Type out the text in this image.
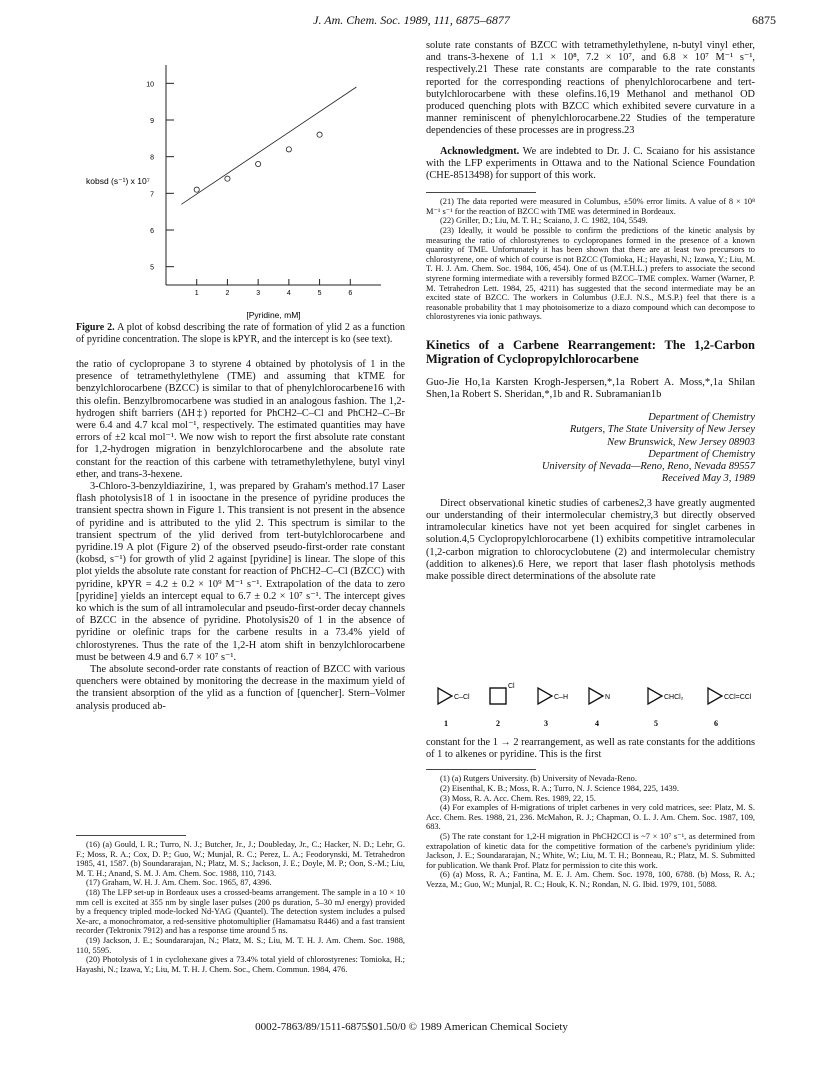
J. Am. Chem. Soc. 1989, 111, 6875–6877	6875
5
6
7
8
9
10
1	2	3	4	5	6
kobsd (s⁻¹) x 10⁷
[Pyridine, mM]
Figure 2. A plot of kobsd describing the rate of formation of ylid 2 as a function of pyridine concentration. The slope is kPYR, and the intercept is ko (see text).

the ratio of cyclopropane 3 to styrene 4 obtained by photolysis of 1 in the presence of tetramethylethylene (TME) and assuming that kTME for benzylchlorocarbene (BZCC) is similar to that of phenylchlorocarbene16 with this olefin. Benzylbromocarbene was studied in an analogous fashion. The 1,2-hydrogen shift barriers (ΔH‡) reported for PhCH2–C–Cl and PhCH2–C–Br were 6.4 and 4.7 kcal mol⁻¹, respectively. The estimated quantities may have errors of ±2 kcal mol⁻¹. We now wish to report the first absolute rate constant for 1,2-hydrogen migration in benzylchlorocarbene and the absolute rate constant for the reaction of this carbene with tetramethylethylene, butyl vinyl ether, and trans-3-hexene.

3-Chloro-3-benzyldiazirine, 1, was prepared by Graham's method.17 Laser flash photolysis18 of 1 in isooctane in the presence of pyridine produces the transient spectra shown in Figure 1. This transient is not present in the absence of pyridine and is attributed to the ylid 2. This spectrum is similar to the transient spectrum of the ylid derived from tert-butylchlorocarbene and pyridine.19 A plot (Figure 2) of the observed pseudo-first-order rate constant (kobsd, s⁻¹) for growth of ylid 2 against [pyridine] is linear. The slope of this plot yields the absolute rate constant for reaction of PhCH2–C–Cl (BZCC) with pyridine, kPYR = 4.2 ± 0.2 × 10⁹ M⁻¹ s⁻¹. Extrapolation of the data to zero [pyridine] yields an intercept equal to 6.7 ± 0.2 × 10⁷ s⁻¹. The intercept gives ko which is the sum of all intramolecular and pseudo-first-order decay channels of BZCC in the absence of pyridine. Photolysis20 of 1 in the absence of pyridine or olefinic traps for the carbene results in a 73.4% yield of chlorostyrenes. Thus the rate of the 1,2-H atom shift in benzylchlorocarbene must be between 4.9 and 6.7 × 10⁷ s⁻¹.

The absolute second-order rate constants of reaction of BZCC with various quenchers were obtained by monitoring the decrease in the maximum yield of the transient absorption of the ylid as a function of [quencher]. Stern–Volmer analysis produced ab-

(16) (a) Gould, I. R.; Turro, N. J.; Butcher, Jr., J.; Doubleday, Jr., C.; Hacker, N. D.; Lehr, G. F.; Moss, R. A.; Cox, D. P.; Guo, W.; Munjal, R. C.; Perez, L. A.; Feodorynski, M. Tetrahedron 1985, 41, 1587. (b) Soundararajan, N.; Platz, M. S.; Jackson, J. E.; Doyle, M. P.; Oon, S.-M.; Liu, M. T. H.; Anand, S. M. J. Am. Chem. Soc. 1988, 110, 7143.

(17) Graham, W. H. J. Am. Chem. Soc. 1965, 87, 4396.

(18) The LFP set-up in Bordeaux uses a crossed-beams arrangement. The sample in a 10 × 10 mm cell is excited at 355 nm by single laser pulses (200 ps duration, 5–30 mJ energy) provided by a frequency tripled mode-locked Nd-YAG (Quantel). The detection system includes a pulsed Xe-arc, a monochromator, a red-sensitive photomultiplier (Hamamatsu R446) and a fast transient recorder (Tektronix 7912) and has a response time around 5 ns.

(19) Jackson, J. E.; Soundararajan, N.; Platz, M. S.; Liu, M. T. H. J. Am. Chem. Soc. 1988, 110, 5595.

(20) Photolysis of 1 in cyclohexane gives a 73.4% total yield of chlorostyrenes: Tomioka, H.; Hayashi, N.; Izawa, Y.; Liu, M. T. H. J. Chem. Soc., Chem. Commun. 1984, 476.

solute rate constants of BZCC with tetramethylethylene, n-butyl vinyl ether, and trans-3-hexene of 1.1 × 10⁸, 7.2 × 10⁷, and 6.8 × 10⁷ M⁻¹ s⁻¹, respectively.21 These rate constants are comparable to the rate constants reported for the corresponding reactions of phenylchlorocarbene and tert-butylchlorocarbene with these olefins.16,19 Methanol and methanol OD produced quenching plots with BZCC which exhibited severe curvature in a manner reminiscent of phenylchlorocarbene.22 Studies of the temperature dependencies of these processes are in progress.23

Acknowledgment. We are indebted to Dr. J. C. Scaiano for his assistance with the LFP experiments in Ottawa and to the National Science Foundation (CHE-8513498) for support of this work.

(21) The data reported were measured in Columbus, ±50% error limits. A value of 8 × 10⁸ M⁻¹ s⁻¹ for the reaction of BZCC with TME was determined in Bordeaux.

(22) Griller, D.; Liu, M. T. H.; Scaiano, J. C. 1982, 104, 5549.

(23) Ideally, it would be possible to confirm the predictions of the kinetic analysis by measuring the ratio of chlorostyrenes to cyclopropanes formed in the presence of a known quantity of TME. Unfortunately it has been shown that there are at least two precursors to chlorostyrene, one of which of course is not BZCC (Tomioka, H.; Hayashi, N.; Izawa, Y.; Liu, M. T. H. J. Am. Chem. Soc. 1984, 106, 454). One of us (M.T.H.L.) prefers to associate the second styrene forming intermediate with a reversibly formed BZCC–TME complex. Warner (Warner, P. M. Tetrahedron Lett. 1984, 25, 4211) has suggested that the second intermediate may be an excited state of BZCC. The workers in Columbus (J.E.J. N.S., M.S.P.) feel that there is a reasonable probability that 1 may photoisomerize to a diazo compound which can decompose to chlorostyrenes via ionic pathways.

Kinetics of a Carbene Rearrangement: The 1,2-Carbon Migration of Cyclopropylchlorocarbene

Guo-Jie Ho,1a Karsten Krogh-Jespersen,*,1a Robert A. Moss,*,1a Shilan Shen,1a Robert S. Sheridan,*,1b and R. Subramanian1b

Department of Chemistry
Rutgers, The State University of New Jersey
New Brunswick, New Jersey 08903
Department of Chemistry
University of Nevada—Reno, Reno, Nevada 89557
Received May 3, 1989

Direct observational kinetic studies of carbenes2,3 have greatly augmented our understanding of their intermolecular chemistry,3 but directly observed intramolecular kinetics have not yet been acquired for singlet carbenes in solution.4,5 Cyclopropylchlorocarbene (1) exhibits competitive intramolecular (1,2-carbon migration to chlorocyclobutene (2) and intermolecular chemistry (addition to alkenes).6 Here, we report that laser flash photolysis methods make possible direct determinations of the absolute rate

C–Cl
1
Cl
2
C–H
3
N
4
CHCl₂
5
CCl=CCl
6

constant for the 1 → 2 rearrangement, as well as rate constants for the additions of 1 to alkenes or pyridine. This is the first

(1) (a) Rutgers University. (b) University of Nevada-Reno.

(2) Eisenthal, K. B.; Moss, R. A.; Turro, N. J. Science 1984, 225, 1439.

(3) Moss, R. A. Acc. Chem. Res. 1989, 22, 15.

(4) For examples of H-migrations of triplet carbenes in very cold matrices, see: Platz, M. S. Acc. Chem. Res. 1988, 21, 236. McMahon, R. J.; Chapman, O. L. J. Am. Chem. Soc. 1987, 109, 683.

(5) The rate constant for 1,2-H migration in PhCH2CCl is ~7 × 10⁷ s⁻¹, as determined from extrapolation of kinetic data for the competitive formation of the carbene's pyridinium ylide: Jackson, J. E.; Soundararajan, N.; White, W.; Liu, M. T. H.; Bonneau, R.; Platz, M. S. Submitted for publication. We thank Prof. Platz for permission to cite this work.

(6) (a) Moss, R. A.; Fantina, M. E. J. Am. Chem. Soc. 1978, 100, 6788. (b) Moss, R. A.; Vezza, M.; Guo, W.; Munjal, R. C.; Houk, K. N.; Rondan, N. G. Ibid. 1979, 101, 5088.

0002-7863/89/1511-6875$01.50/0 © 1989 American Chemical Society
